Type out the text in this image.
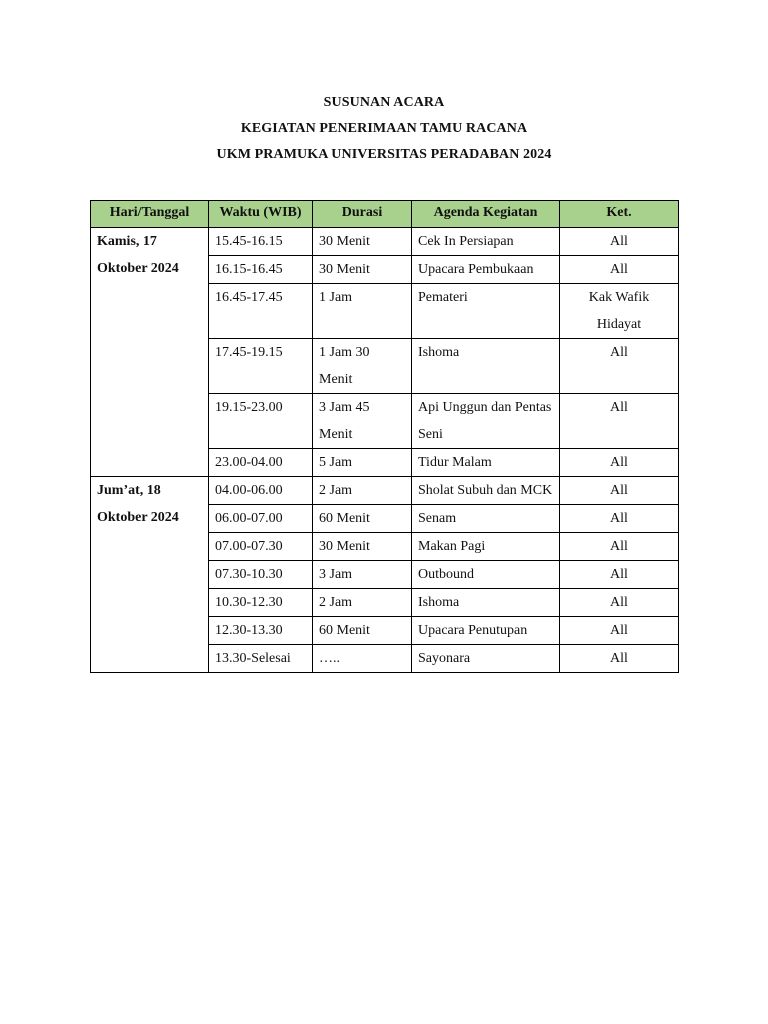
SUSUNAN ACARA
KEGIATAN PENERIMAAN TAMU RACANA
UKM PRAMUKA UNIVERSITAS PERADABAN 2024
Hari/Tanggal	Waktu (WIB)	Durasi	Agenda Kegiatan	Ket.

Kamis, 17 Oktober 2024	15.45-16.15	30 Menit	Cek In Persiapan	All
	16.15-16.45	30 Menit	Upacara Pembukaan	All
	16.45-17.45	1 Jam	Pemateri	Kak Wafik Hidayat
	17.45-19.15	1 Jam 30 Menit	Ishoma	All
	19.15-23.00	3 Jam 45 Menit	Api Unggun dan Pentas Seni	All
	23.00-04.00	5 Jam	Tidur Malam	All

Jum’at, 18 Oktober 2024	04.00-06.00	2 Jam	Sholat Subuh dan MCK	All
	06.00-07.00	60 Menit	Senam	All
	07.00-07.30	30 Menit	Makan Pagi	All
	07.30-10.30	3 Jam	Outbound	All
	10.30-12.30	2 Jam	Ishoma	All
	12.30-13.30	60 Menit	Upacara Penutupan	All
	13.30-Selesai	…..	Sayonara	All
